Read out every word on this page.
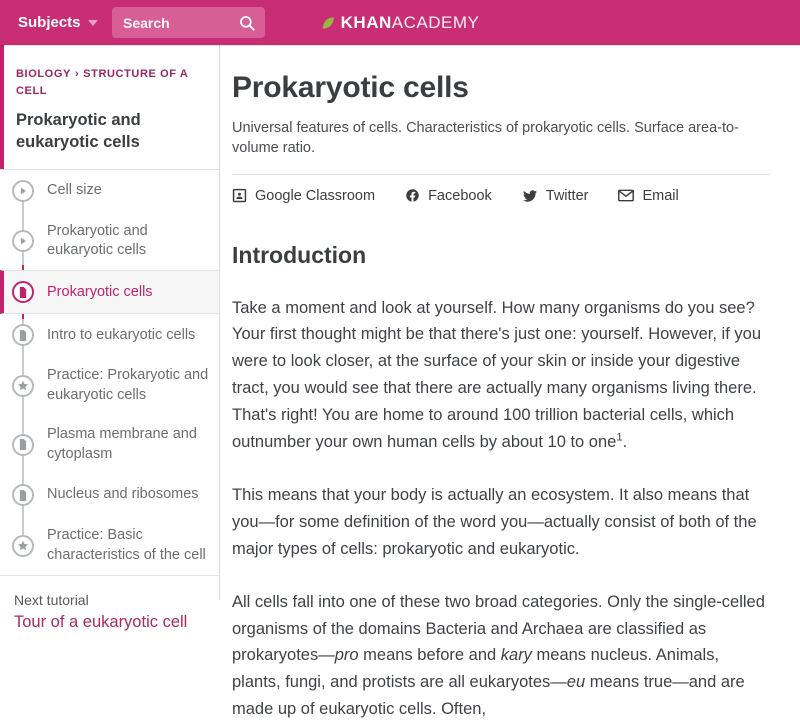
Subjects	Search	KHAN ACADEMY
BIOLOGY › STRUCTURE OF A CELL
Prokaryotic and eukaryotic cells
Cell size
Prokaryotic and eukaryotic cells
Prokaryotic cells
Intro to eukaryotic cells
Practice: Prokaryotic and eukaryotic cells
Plasma membrane and cytoplasm
Nucleus and ribosomes
Practice: Basic characteristics of the cell
Next tutorial
Tour of a eukaryotic cell
Prokaryotic cells
Universal features of cells. Characteristics of prokaryotic cells. Surface area-to-volume ratio.
Google Classroom	Facebook	Twitter	Email
Introduction

Take a moment and look at yourself. How many organisms do you see? Your first thought might be that there's just one: yourself. However, if you were to look closer, at the surface of your skin or inside your digestive tract, you would see that there are actually many organisms living there. That's right! You are home to around 100 trillion bacterial cells, which outnumber your own human cells by about 10 to one$^1$.

This means that your body is actually an ecosystem. It also means that you—for some definition of the word you—actually consist of both of the major types of cells: prokaryotic and eukaryotic.

All cells fall into one of these two broad categories. Only the single-celled organisms of the domains Bacteria and Archaea are classified as prokaryotes—pro means before and kary means nucleus. Animals, plants, fungi, and protists are all eukaryotes—eu means true—and are made up of eukaryotic cells. Often,
